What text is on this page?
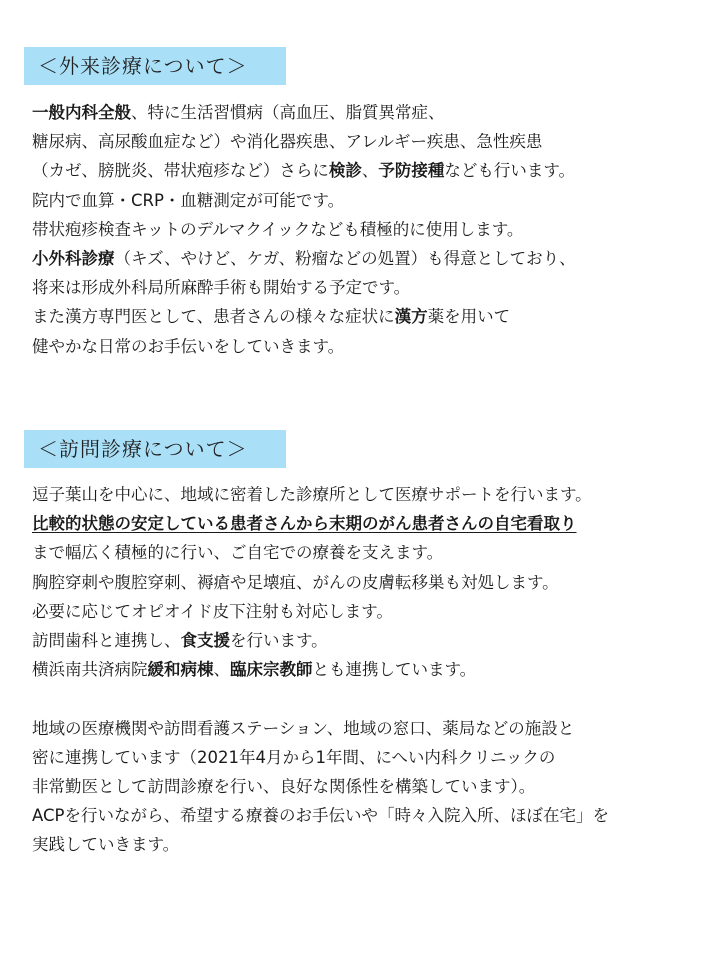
＜外来診療について＞
一般内科全般、特に生活習慣病（高血圧、脂質異常症、
糖尿病、高尿酸血症など）や消化器疾患、アレルギー疾患、急性疾患
（カゼ、膀胱炎、帯状疱疹など）さらに検診、予防接種なども行います。
院内で血算・CRP・血糖測定が可能です。
帯状疱疹検査キットのデルマクイックなども積極的に使用します。
小外科診療（キズ、やけど、ケガ、粉瘤などの処置）も得意としており、
将来は形成外科局所麻酔手術も開始する予定です。
また漢方専門医として、患者さんの様々な症状に漢方薬を用いて
健やかな日常のお手伝いをしていきます。
＜訪問診療について＞
逗子葉山を中心に、地域に密着した診療所として医療サポートを行います。
比較的状態の安定している患者さんから末期のがん患者さんの自宅看取り
まで幅広く積極的に行い、ご自宅での療養を支えます。
胸腔穿刺や腹腔穿刺、褥瘡や足壊疽、がんの皮膚転移巣も対処します。
必要に応じてオピオイド皮下注射も対応します。
訪問歯科と連携し、食支援を行います。
横浜南共済病院緩和病棟、臨床宗教師とも連携しています。
地域の医療機関や訪問看護ステーション、地域の窓口、薬局などの施設と
密に連携しています（2021年4月から1年間、にへい内科クリニックの
非常勤医として訪問診療を行い、良好な関係性を構築しています）。
ACPを行いながら、希望する療養のお手伝いや「時々入院入所、ほぼ在宅」を
実践していきます。
